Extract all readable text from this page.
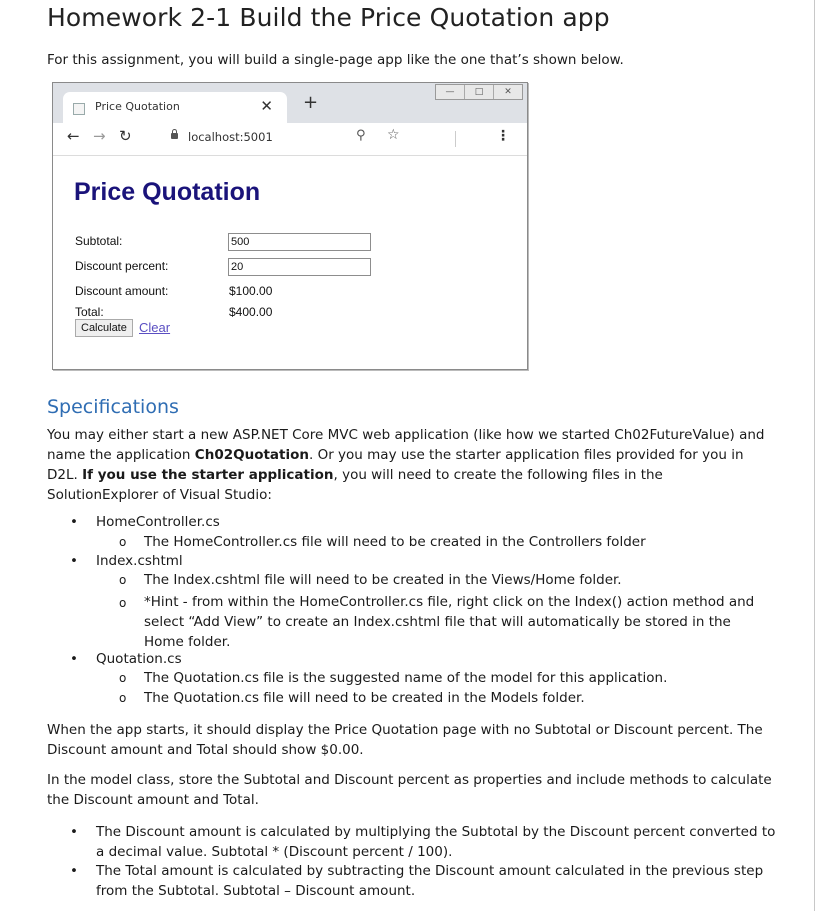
Homework 2-1 Build the Price Quotation app

For this assignment, you will build a single-page app like the one that’s shown below.

—	□	✕
Price Quotation	✕ +
← → ↻	localhost:5001	⚲ ☆	⋮
Price Quotation
Subtotal:
500
Discount percent:
20
Discount amount:	$100.00
Total:	$400.00
Calculate Clear
Specifications

You may either start a new ASP.NET Core MVC web application (like how we started Ch02FutureValue) and name the application Ch02Quotation. Or you may use the starter application files provided for you in D2L. If you use the starter application, you will need to create the following files in the SolutionExplorer of Visual Studio:

• HomeController.cs
o The HomeController.cs file will need to be created in the Controllers folder
• Index.cshtml
o The Index.cshtml file will need to be created in the Views/Home folder.
o *Hint - from within the HomeController.cs file, right click on the Index() action method and select “Add View” to create an Index.cshtml file that will automatically be stored in the Home folder.
• Quotation.cs
o The Quotation.cs file is the suggested name of the model for this application.
o The Quotation.cs file will need to be created in the Models folder.

When the app starts, it should display the Price Quotation page with no Subtotal or Discount percent. The Discount amount and Total should show $0.00.

In the model class, store the Subtotal and Discount percent as properties and include methods to calculate the Discount amount and Total.

• The Discount amount is calculated by multiplying the Subtotal by the Discount percent converted to a decimal value. Subtotal * (Discount percent / 100).
• The Total amount is calculated by subtracting the Discount amount calculated in the previous step from the Subtotal. Subtotal – Discount amount.
